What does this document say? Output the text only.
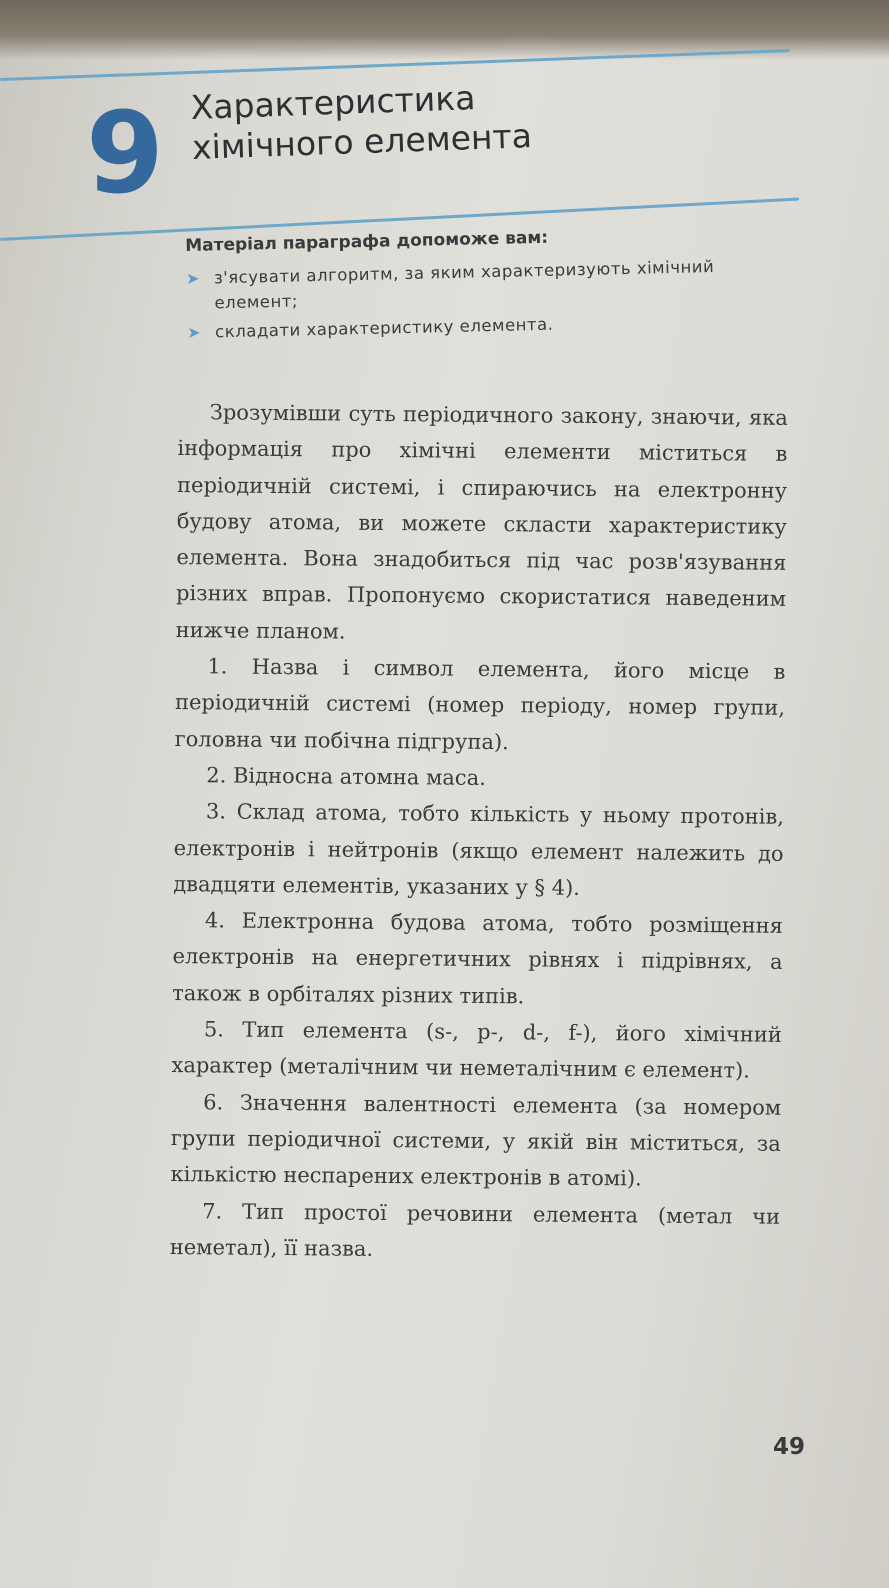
9 Характеристика
хімічного елемента
Матеріал параграфа допоможе вам:
➤ з'ясувати алгоритм, за яким характеризують хімічний елемент;
➤ складати характеристику елемента.

Зрозумівши суть періодичного закону, знаючи, яка інформація про хімічні елементи міститься в періодичній системі, і спираючись на електронну будову атома, ви можете скласти характеристику елемента. Вона знадобиться під час розв'язування різних вправ. Пропонуємо скористатися наведеним нижче планом.

1. Назва і символ елемента, його місце в періодичній системі (номер періоду, номер групи, головна чи побічна підгрупа).

2. Відносна атомна маса.

3. Склад атома, тобто кількість у ньому протонів, електронів і нейтронів (якщо елемент належить до двадцяти елементів, указаних у § 4).

4. Електронна будова атома, тобто розміщення електронів на енергетичних рівнях і підрівнях, а також в орбіталях різних типів.

5. Тип елемента (s-, p-, d-, f-), його хімічний характер (металічним чи неметалічним є елемент).

6. Значення валентності елемента (за номером групи періодичної системи, у якій він міститься, за кількістю неспарених електронів в атомі).

7. Тип простої речовини елемента (метал чи неметал), її назва.

49
